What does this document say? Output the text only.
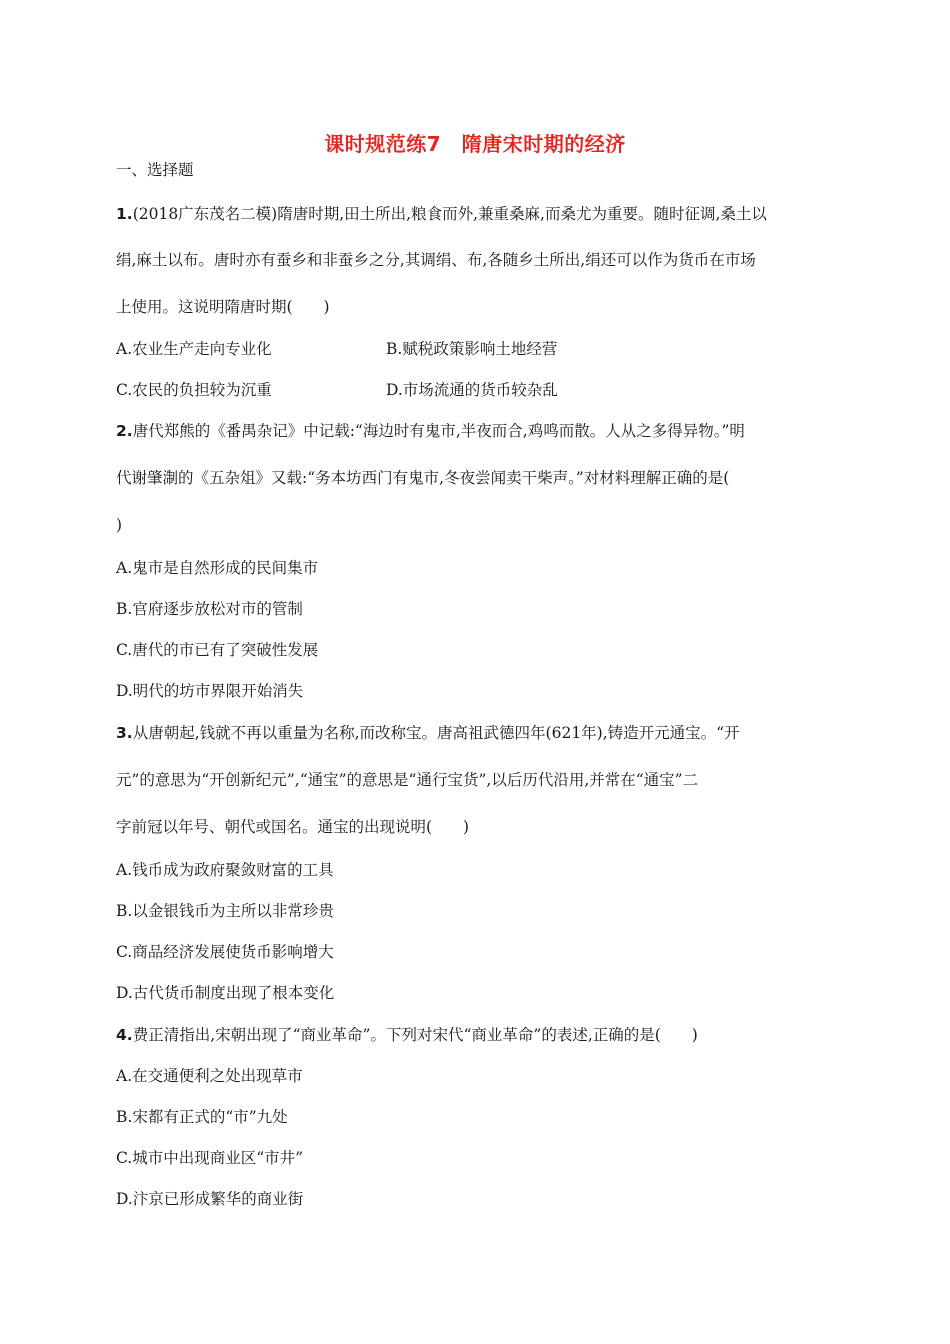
课时规范练7　隋唐宋时期的经济
一、选择题
1.(2018广东茂名二模)隋唐时期,田土所出,粮食而外,兼重桑麻,而桑尤为重要。随时征调,桑土以
绢,麻土以布。唐时亦有蚕乡和非蚕乡之分,其调绢、布,各随乡土所出,绢还可以作为货币在市场
上使用。这说明隋唐时期(　　)
A.农业生产走向专业化	B.赋税政策影响土地经营
C.农民的负担较为沉重	D.市场流通的货币较杂乱
2.唐代郑熊的《番禺杂记》中记载:“海边时有鬼市,半夜而合,鸡鸣而散。人从之多得异物。”明
代谢肇淛的《五杂俎》又载:“务本坊西门有鬼市,冬夜尝闻卖干柴声。”对材料理解正确的是(
)
A.鬼市是自然形成的民间集市
B.官府逐步放松对市的管制
C.唐代的市已有了突破性发展
D.明代的坊市界限开始消失
3.从唐朝起,钱就不再以重量为名称,而改称宝。唐高祖武德四年(621年),铸造开元通宝。“开
元”的意思为“开创新纪元”,“通宝”的意思是“通行宝货”,以后历代沿用,并常在“通宝”二
字前冠以年号、朝代或国名。通宝的出现说明(　　)
A.钱币成为政府聚敛财富的工具
B.以金银钱币为主所以非常珍贵
C.商品经济发展使货币影响增大
D.古代货币制度出现了根本变化
4.费正清指出,宋朝出现了“商业革命”。下列对宋代“商业革命”的表述,正确的是(　　)
A.在交通便利之处出现草市
B.宋都有正式的“市”九处
C.城市中出现商业区“市井”
D.汴京已形成繁华的商业街
